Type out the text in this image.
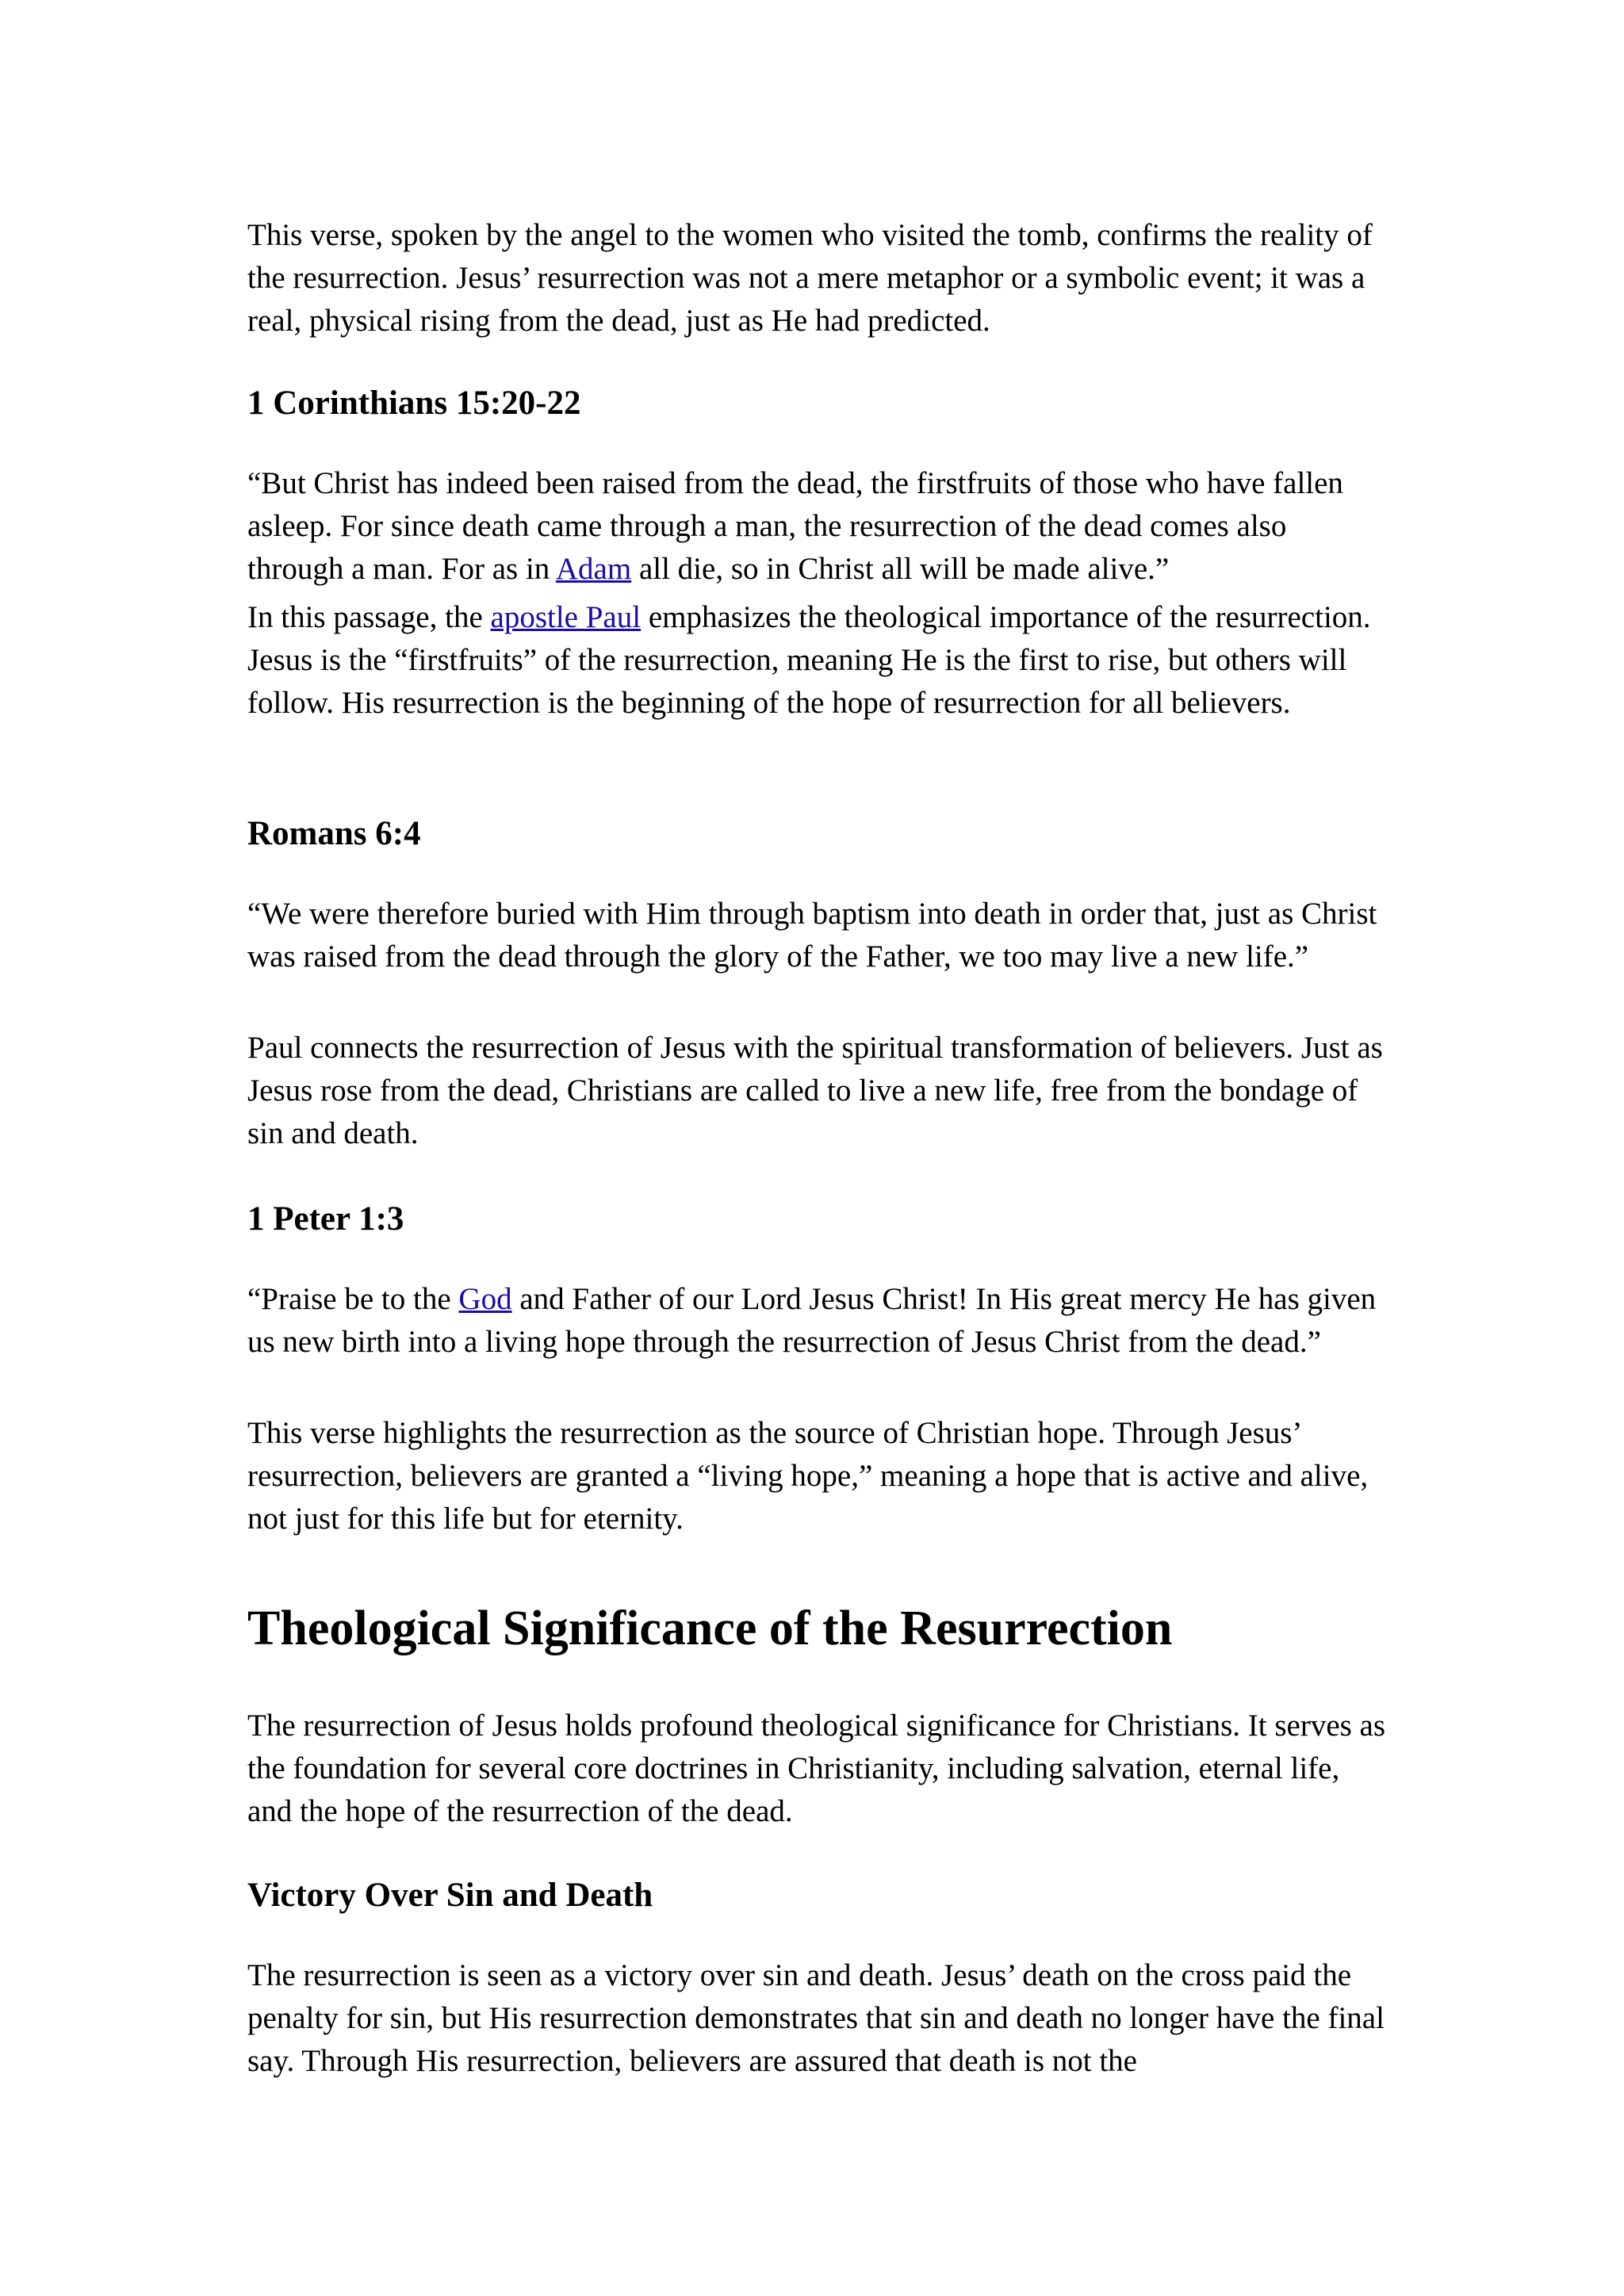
This verse, spoken by the angel to the women who visited the tomb, confirms the reality of the resurrection. Jesus’ resurrection was not a mere metaphor or a symbolic event; it was a real, physical rising from the dead, just as He had predicted.

1 Corinthians 15:20-22

“But Christ has indeed been raised from the dead, the firstfruits of those who have fallen asleep. For since death came through a man, the resurrection of the dead comes also through a man. For as in Adam all die, so in Christ all will be made alive.”

In this passage, the apostle Paul emphasizes the theological importance of the resurrection. Jesus is the “firstfruits” of the resurrection, meaning He is the first to rise, but others will follow. His resurrection is the beginning of the hope of resurrection for all believers.

Romans 6:4

“We were therefore buried with Him through baptism into death in order that, just as Christ was raised from the dead through the glory of the Father, we too may live a new life.”

Paul connects the resurrection of Jesus with the spiritual transformation of believers. Just as Jesus rose from the dead, Christians are called to live a new life, free from the bondage of sin and death.

1 Peter 1:3

“Praise be to the God and Father of our Lord Jesus Christ! In His great mercy He has given us new birth into a living hope through the resurrection of Jesus Christ from the dead.”

This verse highlights the resurrection as the source of Christian hope. Through Jesus’ resurrection, believers are granted a “living hope,” meaning a hope that is active and alive, not just for this life but for eternity.

Theological Significance of the Resurrection

The resurrection of Jesus holds profound theological significance for Christians. It serves as the foundation for several core doctrines in Christianity, including salvation, eternal life, and the hope of the resurrection of the dead.

Victory Over Sin and Death

The resurrection is seen as a victory over sin and death. Jesus’ death on the cross paid the penalty for sin, but His resurrection demonstrates that sin and death no longer have the final say. Through His resurrection, believers are assured that death is not the
